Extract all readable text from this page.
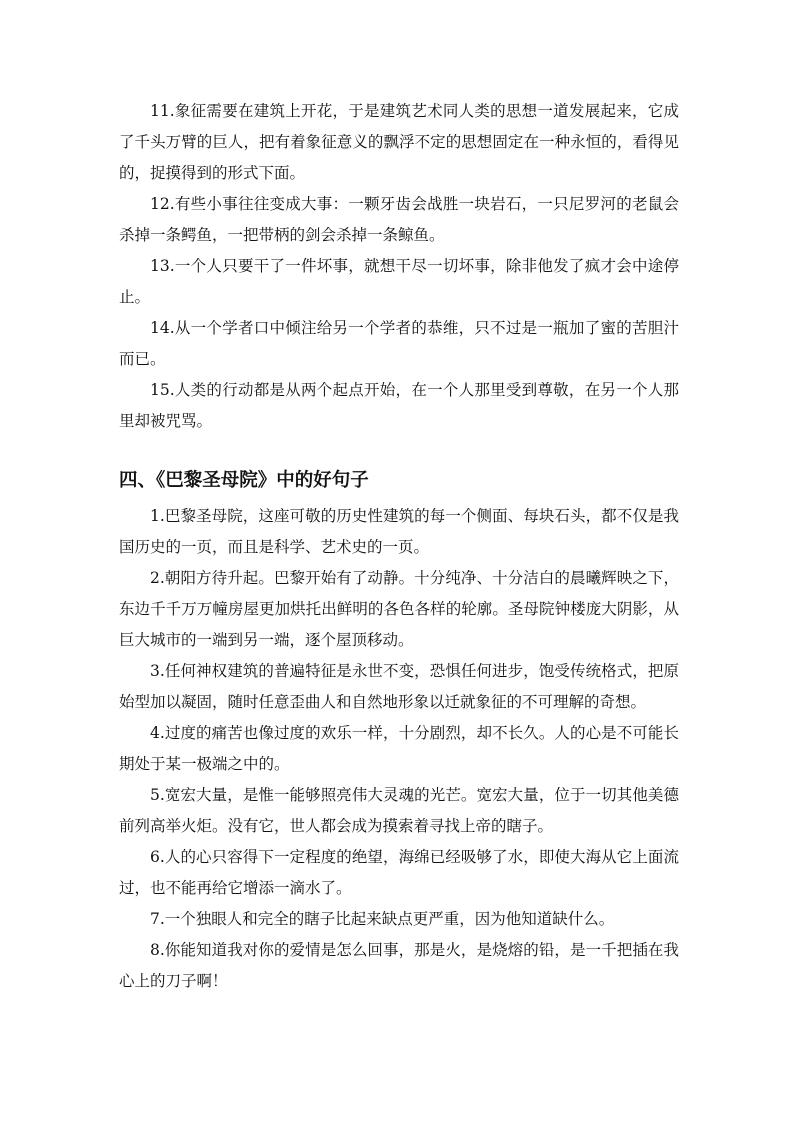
11.象征需要在建筑上开花，于是建筑艺术同人类的思想一道发展起来，它成了千头万臂的巨人，把有着象征意义的飘浮不定的思想固定在一种永恒的，看得见的，捉摸得到的形式下面。

12.有些小事往往变成大事：一颗牙齿会战胜一块岩石，一只尼罗河的老鼠会杀掉一条鳄鱼，一把带柄的剑会杀掉一条鲸鱼。

13.一个人只要干了一件坏事，就想干尽一切坏事，除非他发了疯才会中途停止。

14.从一个学者口中倾注给另一个学者的恭维，只不过是一瓶加了蜜的苦胆汁而已。

15.人类的行动都是从两个起点开始，在一个人那里受到尊敬，在另一个人那里却被咒骂。

四、《巴黎圣母院》中的好句子

1.巴黎圣母院，这座可敬的历史性建筑的每一个侧面、每块石头，都不仅是我国历史的一页，而且是科学、艺术史的一页。

2.朝阳方待升起。巴黎开始有了动静。十分纯净、十分洁白的晨曦辉映之下，东边千千万万幢房屋更加烘托出鲜明的各色各样的轮廓。圣母院钟楼庞大阴影，从巨大城市的一端到另一端，逐个屋顶移动。

3.任何神权建筑的普遍特征是永世不变，恐惧任何进步，饱受传统格式，把原始型加以凝固，随时任意歪曲人和自然地形象以迁就象征的不可理解的奇想。

4.过度的痛苦也像过度的欢乐一样，十分剧烈，却不长久。人的心是不可能长期处于某一极端之中的。

5.宽宏大量，是惟一能够照亮伟大灵魂的光芒。宽宏大量，位于一切其他美德前列高举火炬。没有它，世人都会成为摸索着寻找上帝的瞎子。

6.人的心只容得下一定程度的绝望，海绵已经吸够了水，即使大海从它上面流过，也不能再给它增添一滴水了。

7.一个独眼人和完全的瞎子比起来缺点更严重，因为他知道缺什么。

8.你能知道我对你的爱情是怎么回事，那是火，是烧熔的铅，是一千把插在我心上的刀子啊！
